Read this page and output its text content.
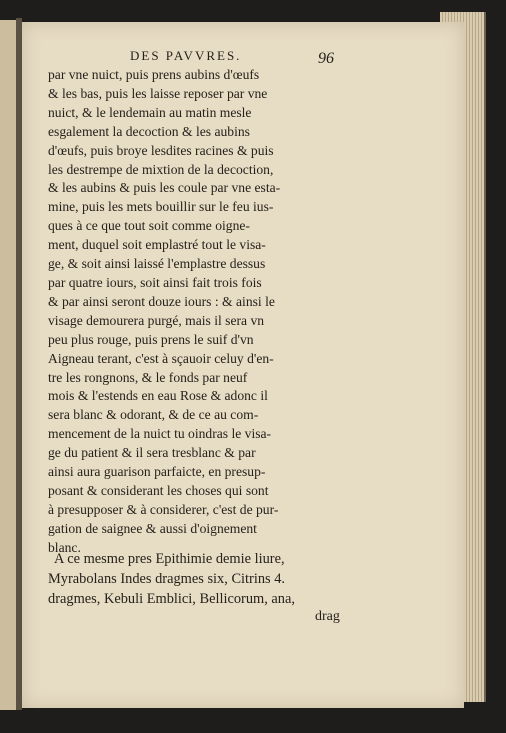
DES PAVVRES.	96
par vne nuict, puis prens aubins d'œufs
& les bas, puis les laisse reposer par vne
nuict, & le lendemain au matin mesle
esgalement la decoction & les aubins
d'œufs, puis broye lesdites racines & puis
les destrempe de mixtion de la decoction,
& les aubins & puis les coule par vne esta-
mine, puis les mets bouillir sur le feu ius-
ques à ce que tout soit comme oigne-
ment, duquel soit emplastré tout le visa-
ge, & soit ainsi laissé l'emplastre dessus
par quatre iours, soit ainsi fait trois fois
& par ainsi seront douze iours : & ainsi le
visage demourera purgé, mais il sera vn
peu plus rouge, puis prens le suif d'vn
Aigneau terant, c'est à sçauoir celuy d'en-
tre les rongnons, & le fonds par neuf
mois & l'estends en eau Rose & adonc il
sera blanc & odorant, & de ce au com-
mencement de la nuict tu oindras le visa-
ge du patient & il sera tresblanc & par
ainsi aura guarison parfaicte, en presup-
posant & considerant les choses qui sont
à presupposer & à considerer, c'est de pur-
gation de saignee & aussi d'oignement
blanc.
A ce mesme pres Epithimie demie liure,
Myrabolans Indes dragmes six, Citrins 4.
dragmes, Kebuli Emblici, Bellicorum, ana,
drag
